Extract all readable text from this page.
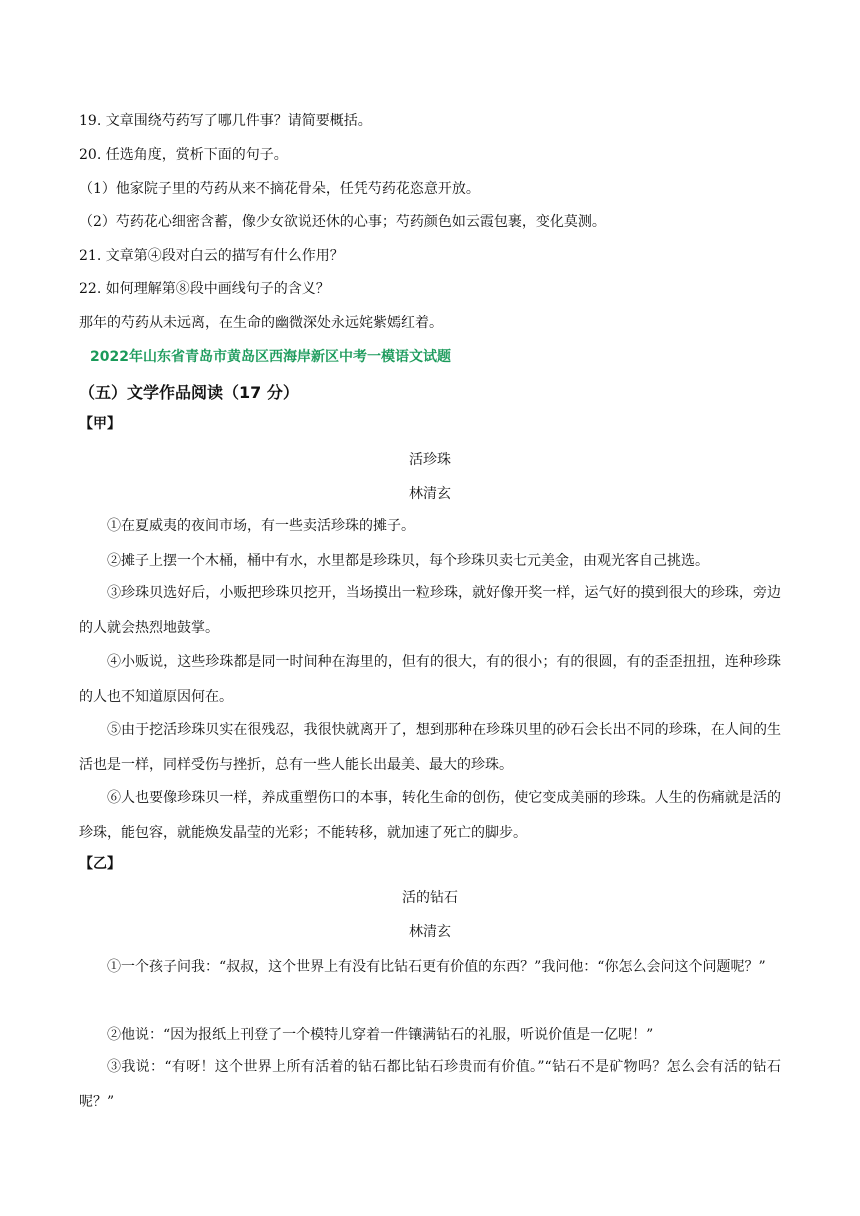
19. 文章围绕芍药写了哪几件事？请简要概括。
20. 任选角度，赏析下面的句子。
（1）他家院子里的芍药从来不摘花骨朵，任凭芍药花恣意开放。
（2）芍药花心细密含蓄，像少女欲说还休的心事；芍药颜色如云霞包裹，变化莫测。
21. 文章第④段对白云的描写有什么作用？
22. 如何理解第⑧段中画线句子的含义？
那年的芍药从未远离，在生命的幽微深处永远姹紫嫣红着。
2022年山东省青岛市黄岛区西海岸新区中考一模语文试题
（五）文学作品阅读（17 分）
【甲】
活珍珠
林清玄
①在夏威夷的夜间市场，有一些卖活珍珠的摊子。
②摊子上摆一个木桶，桶中有水，水里都是珍珠贝，每个珍珠贝卖七元美金，由观光客自己挑选。
③珍珠贝选好后，小贩把珍珠贝挖开，当场摸出一粒珍珠，就好像开奖一样，运气好的摸到很大的珍珠，旁边的人就会热烈地鼓掌。
④小贩说，这些珍珠都是同一时间种在海里的，但有的很大，有的很小；有的很圆，有的歪歪扭扭，连种珍珠的人也不知道原因何在。
⑤由于挖活珍珠贝实在很残忍，我很快就离开了，想到那种在珍珠贝里的砂石会长出不同的珍珠，在人间的生活也是一样，同样受伤与挫折，总有一些人能长出最美、最大的珍珠。
⑥人也要像珍珠贝一样，养成重塑伤口的本事，转化生命的创伤，使它变成美丽的珍珠。人生的伤痛就是活的珍珠，能包容，就能焕发晶莹的光彩；不能转移，就加速了死亡的脚步。
【乙】
活的钻石
林清玄
①一个孩子问我：“叔叔，这个世界上有没有比钻石更有价值的东西？”我问他：“你怎么会问这个问题呢？”
②他说：“因为报纸上刊登了一个模特儿穿着一件镶满钻石的礼服，听说价值是一亿呢！”
③我说：“有呀！这个世界上所有活着的钻石都比钻石珍贵而有价值。”“钻石不是矿物吗？怎么会有活的钻石呢？”
